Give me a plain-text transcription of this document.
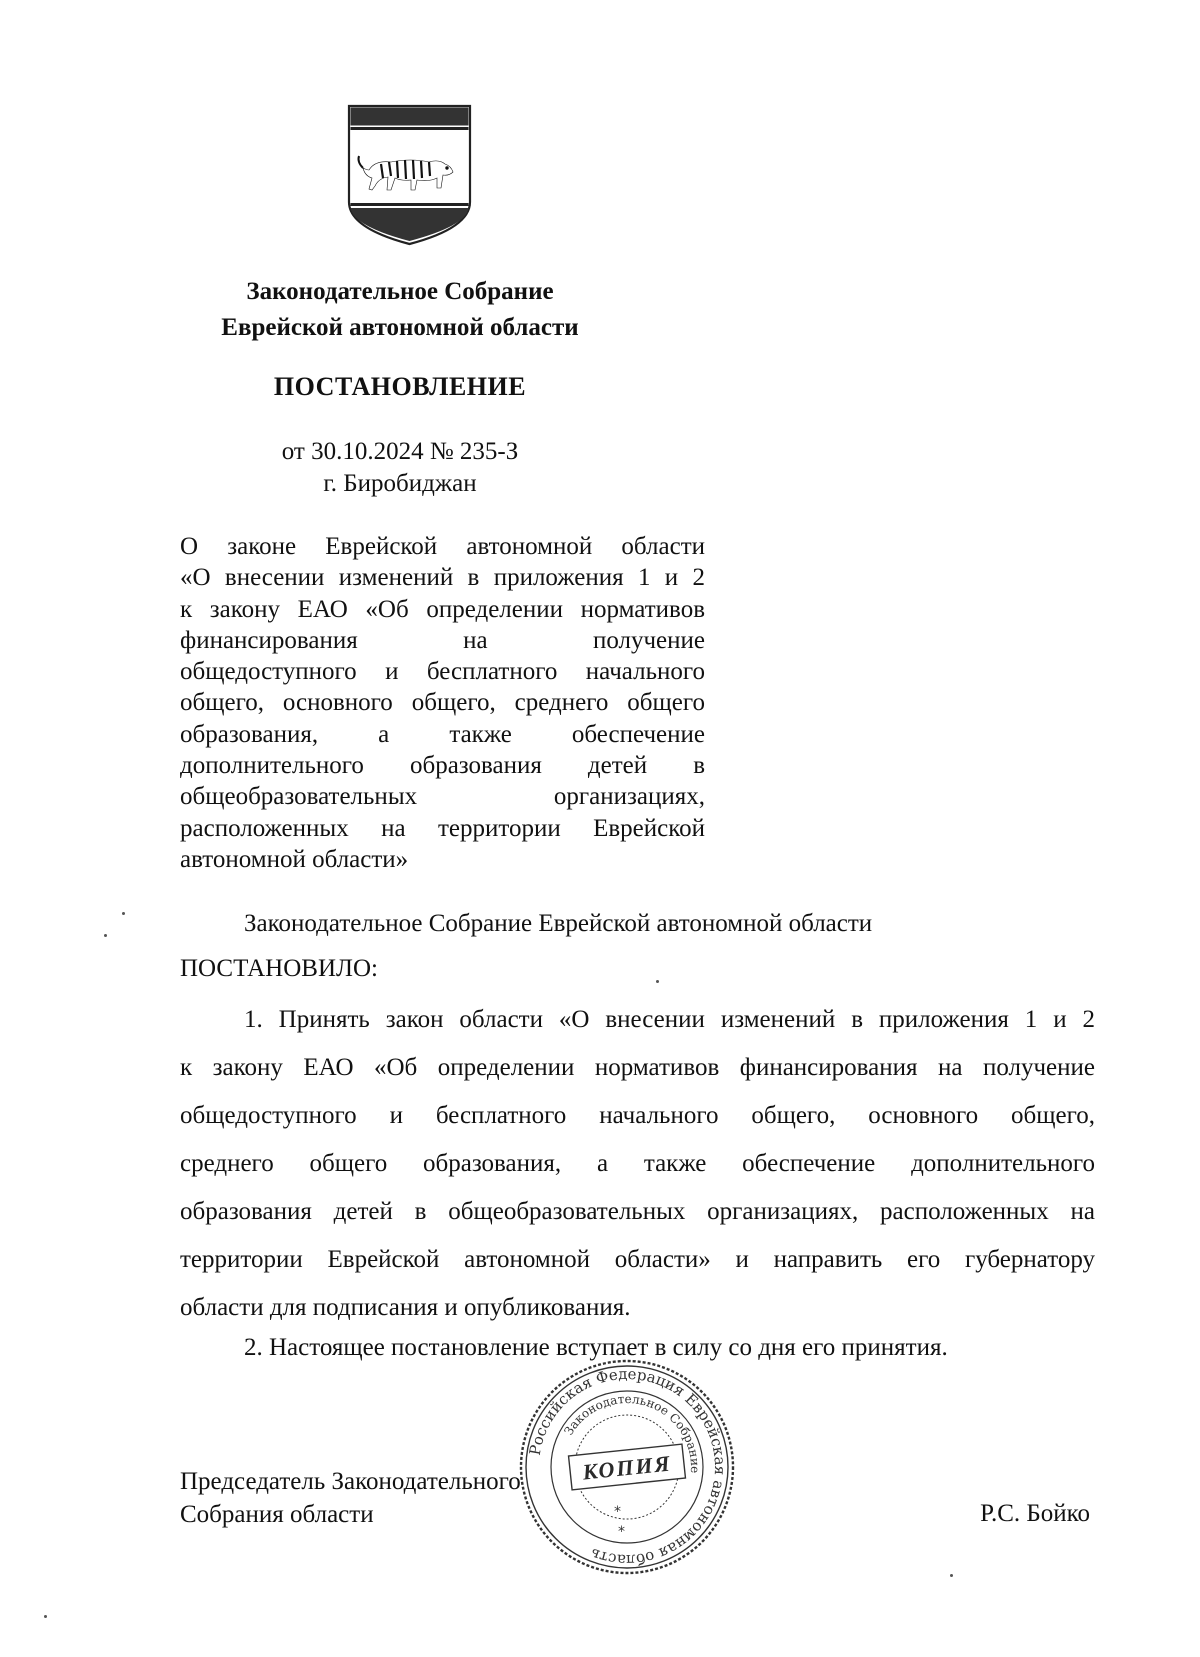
Законодательное Собрание
Еврейской автономной области
ПОСТАНОВЛЕНИЕ
от 30.10.2024 № 235-З
г. Биробиджан
О законе Еврейской автономной области
«О внесении изменений в приложения 1 и 2
к закону ЕАО «Об определении нормативов
финансирования на получение
общедоступного и бесплатного начального
общего, основного общего, среднего общего
образования, а также обеспечение
дополнительного образования детей в
общеобразовательных организациях,
расположенных на территории Еврейской
автономной области»
Законодательное Собрание Еврейской автономной области
ПОСТАНОВИЛО:
1. Принять закон области «О внесении изменений в приложения 1 и 2
к закону ЕАО «Об определении нормативов финансирования на получение
общедоступного и бесплатного начального общего, основного общего,
среднего общего образования, а также обеспечение дополнительного
образования детей в общеобразовательных организациях, расположенных на
территории Еврейской автономной области» и направить его губернатору
области для подписания и опубликования.
2. Настоящее постановление вступает в силу со дня его принятия.
Председатель Законодательного
Собрания области	Р.С. Бойко
Российская Федерация Еврейская автономная область
Законодательное Собрание
КОПИЯ
*
*
